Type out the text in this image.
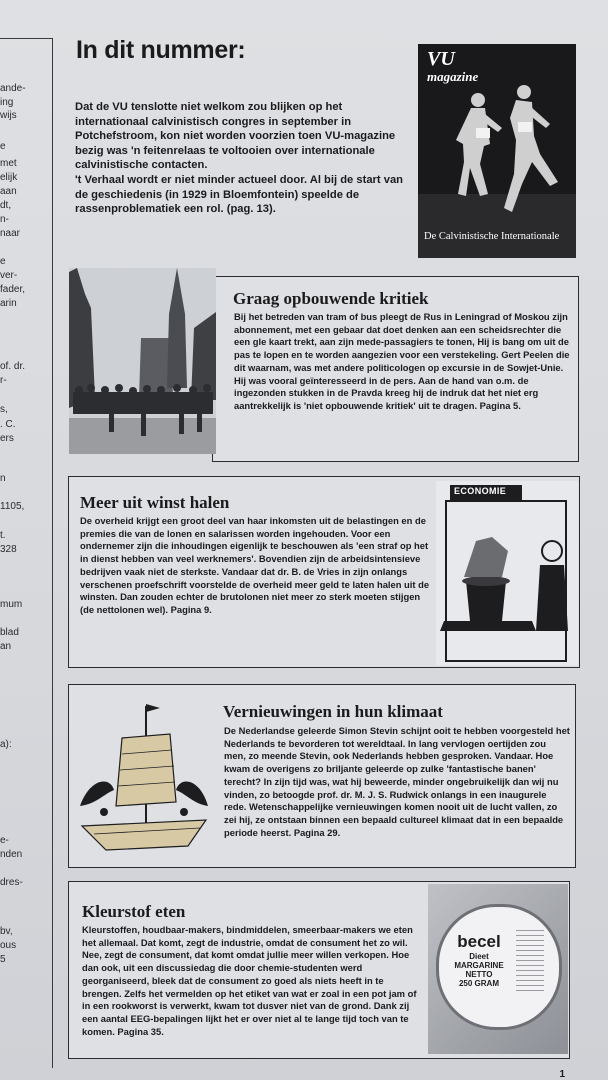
ande-
ing
wijs
e
met
elijk
aan
dt,
n-
naar
e
ver-
fader,
arin
of. dr.
r-
s,
. C.
ers
n
1105,
t.
328
mum
blad
an
a):
e-
nden
dres-
bv,
ous
5
In dit nummer:

Dat de VU tenslotte niet welkom zou blijken op het internationaal calvinistisch congres in september in Potchefstroom, kon niet worden voorzien toen VU-magazine bezig was 'n feitenrelaas te voltooien over internationale calvinistische contacten.

't Verhaal wordt er niet minder actueel door. Al bij de start van de geschiedenis (in 1929 in Bloemfontein) speelde de rassenproblematiek een rol. (pag. 13).

VU
magazine
De Calvinistische Internationale
Graag opbouwende kritiek

Bij het betreden van tram of bus pleegt de Rus in Leningrad of Moskou zijn abonnement, met een gebaar dat doet denken aan een scheidsrechter die een gle kaart trekt, aan zijn mede-passagiers te tonen, Hij is bang om uit de pas te lopen en te worden aangezien voor een verstekeling. Gert Peelen die dit waarnam, was met andere politicologen op excursie in de Sowjet-Unie. Hij was vooral geïnteresseerd in de pers. Aan de hand van o.m. de ingezonden stukken in de Pravda kreeg hij de indruk dat het niet erg aantrekkelijk is 'niet opbouwende kritiek' uit te dragen. Pagina 5.

Meer uit winst halen

De overheid krijgt een groot deel van haar inkomsten uit de belastingen en de premies die van de lonen en salarissen worden ingehouden. Voor een ondernemer zijn die inhoudingen eigenlijk te beschouwen als 'een straf op het in dienst hebben van veel werknemers'. Bovendien zijn de arbeidsintensieve bedrijven vaak niet de sterkste. Vandaar dat dr. B. de Vries in zijn onlangs verschenen proefschrift voorstelde de overheid meer geld te laten halen uit de winsten. Dan zouden echter de brutolonen niet meer zo sterk moeten stijgen (de nettolonen wel). Pagina 9.

ECONOMIE
Vernieuwingen in hun klimaat

De Nederlandse geleerde Simon Stevin schijnt ooit te hebben voorgesteld het Nederlands te bevorderen tot wereldtaal. In lang vervlogen oertijden zou men, zo meende Stevin, ook Nederlands hebben gesproken. Vandaar. Hoe kwam de overigens zo briljante geleerde op zulke 'fantastische banen' terecht? In zijn tijd was, wat hij beweerde, minder ongebruikelijk dan wij nu vinden, zo betoogde prof. dr. M. J. S. Rudwick onlangs in een inaugurele rede. Wetenschappelijke vernieuwingen komen nooit uit de lucht vallen, zo zei hij, ze ontstaan binnen een bepaald cultureel klimaat dat in een bepaalde periode heerst. Pagina 29.

Kleurstof eten

Kleurstoffen, houdbaar-makers, bindmiddelen, smeerbaar-makers we eten het allemaal. Dat komt, zegt de industrie, omdat de consument het zo wil. Nee, zegt de consument, dat komt omdat jullie meer willen verkopen. Hoe dan ook, uit een discussiedag die door chemie-studenten werd georganiseerd, bleek dat de consument zo goed als niets heeft in te brengen. Zelfs het vermelden op het etiket van wat er zoal in een pot jam of in een rookworst is verwerkt, kwam tot dusver niet van de grond. Dank zij een aantal EEG-bepalingen lijkt het er over niet al te lange tijd toch van te komen. Pagina 35.

becel
Dieet
MARGARINE
NETTO
250 GRAM
1
